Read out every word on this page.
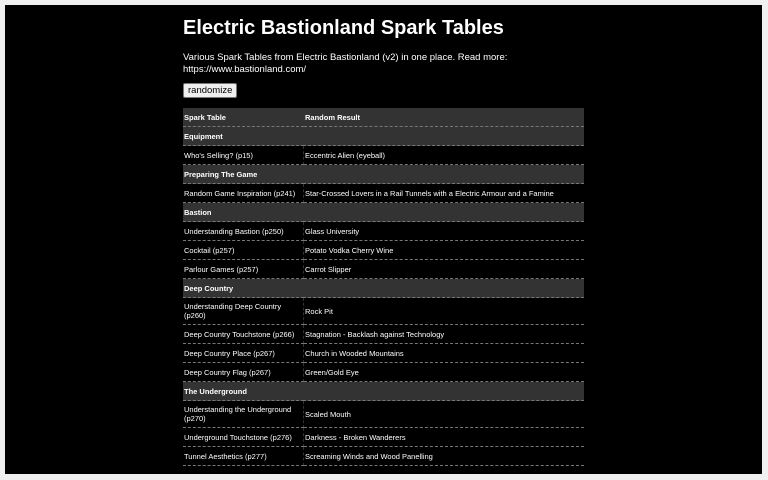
Electric Bastionland Spark Tables
Various Spark Tables from Electric Bastionland (v2) in one place. Read more: https://www.bastionland.com/
randomize
Spark Table	Random Result
Equipment	
Who's Selling? (p15)	Eccentric Alien (eyeball)
Preparing The Game	
Random Game Inspiration (p241)	Star-Crossed Lovers in a Rail Tunnels with a Electric Armour and a Famine
Bastion	
Understanding Bastion (p250)	Glass University
Cocktail (p257)	Potato Vodka Cherry Wine
Parlour Games (p257)	Carrot Slipper
Deep Country	
Understanding Deep Country (p260)	Rock Pit
Deep Country Touchstone (p266)	Stagnation - Backlash against Technology
Deep Country Place (p267)	Church in Wooded Mountains
Deep Country Flag (p267)	Green/Gold Eye
The Underground	
Understanding the Underground (p270)	Scaled Mouth
Underground Touchstone (p276)	Darkness - Broken Wanderers
Tunnel Aesthetics (p277)	Screaming Winds and Wood Panelling
